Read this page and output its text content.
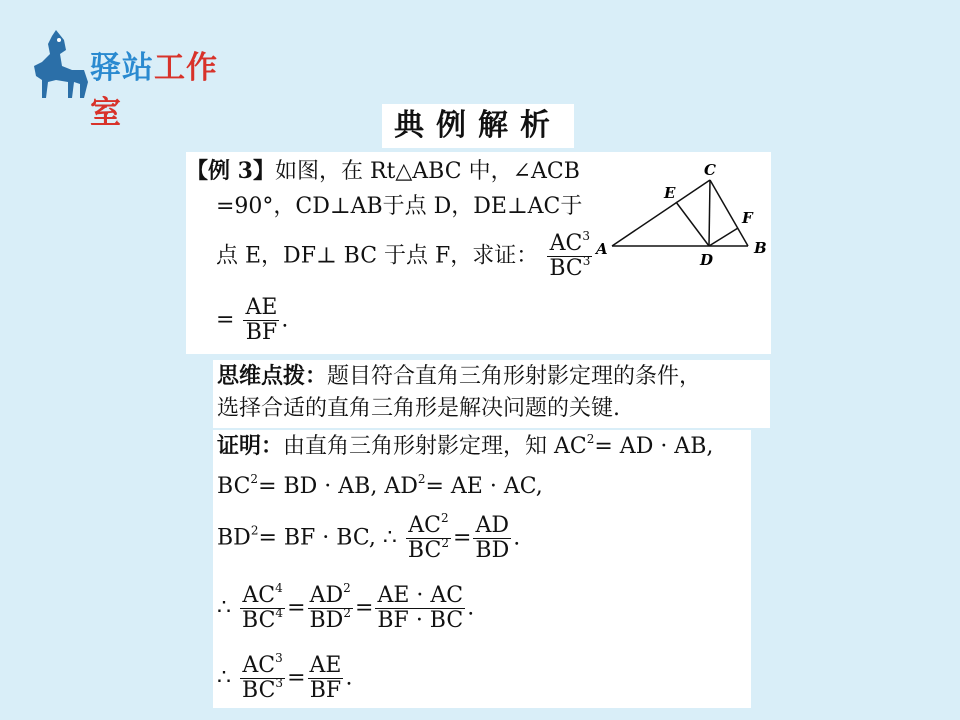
驿站工作室	典例解析
【例 3】如图，在 Rt△ABC 中，∠ACB
=90°，CD⊥AB于点 D，DE⊥AC于
点 E，DF⊥ BC 于点 F，求证： $\frac{AC^3}{BC^3}$
= $\frac{AE}{BF}$ .
A	B
C
D
E
F
思维点拨：题目符合直角三角形射影定理的条件，
选择合适的直角三角形是解决问题的关键.
证明：由直角三角形射影定理，知 $AC^2=$ AD · AB,
$BC^2=$ BD · AB, $AD^2=$ AE · AC,
$BD^2=$ BF · BC, ∴ $\frac{AC^2}{BC^2} = \frac{AD}{BD}$ .
∴ $\frac{AC^4}{BC^4} = \frac{AD^2}{BD^2} = \frac{AE \cdot AC}{BF \cdot BC}$ .
∴ $\frac{AC^3}{BC^3} = \frac{AE}{BF}$ .
